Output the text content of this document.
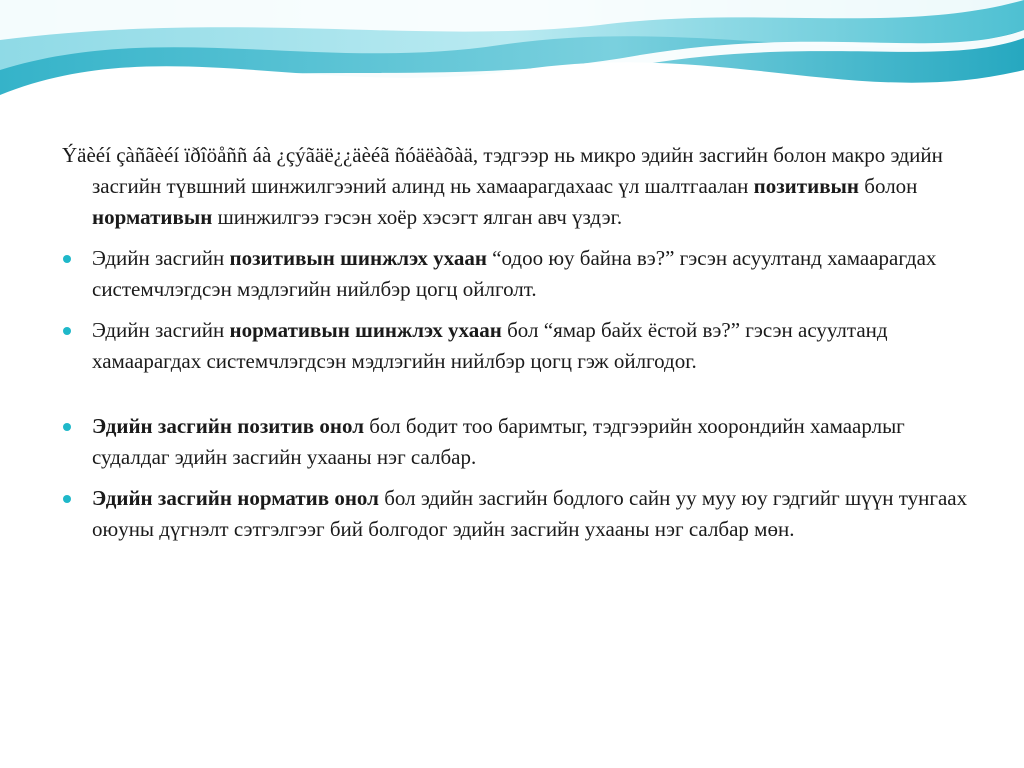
Ýäèéí çàñãèéí ïðîöåññ áà ¿çýãäë¿¿äèéã ñóäëàõàä, тэдгээр нь микро эдийн засгийн болон макро эдийн засгийн түвшний шинжилгээний алинд нь хамаарагдахаас үл шалтгаалан позитивын болон нормативын шинжилгээ гэсэн хоёр хэсэгт ялган авч үздэг.
Эдийн засгийн позитивын шинжлэх ухаан “одоо юу байна вэ?” гэсэн асуултанд хамаарагдах системчлэгдсэн мэдлэгийн нийлбэр цогц ойлголт.
Эдийн засгийн нормативын шинжлэх ухаан бол “ямар байх ёстой вэ?” гэсэн асуултанд хамаарагдах системчлэгдсэн мэдлэгийн нийлбэр цогц гэж ойлгодог.
Эдийн засгийн позитив онол бол бодит тоо баримтыг, тэдгээрийн хоорондийн хамаарлыг судалдаг эдийн засгийн ухааны нэг салбар.
Эдийн засгийн норматив онол бол эдийн засгийн бодлого сайн уу муу юу гэдгийг шүүн тунгаах оюуны дүгнэлт сэтгэлгээг бий болгодог эдийн засгийн ухааны нэг салбар мөн.
